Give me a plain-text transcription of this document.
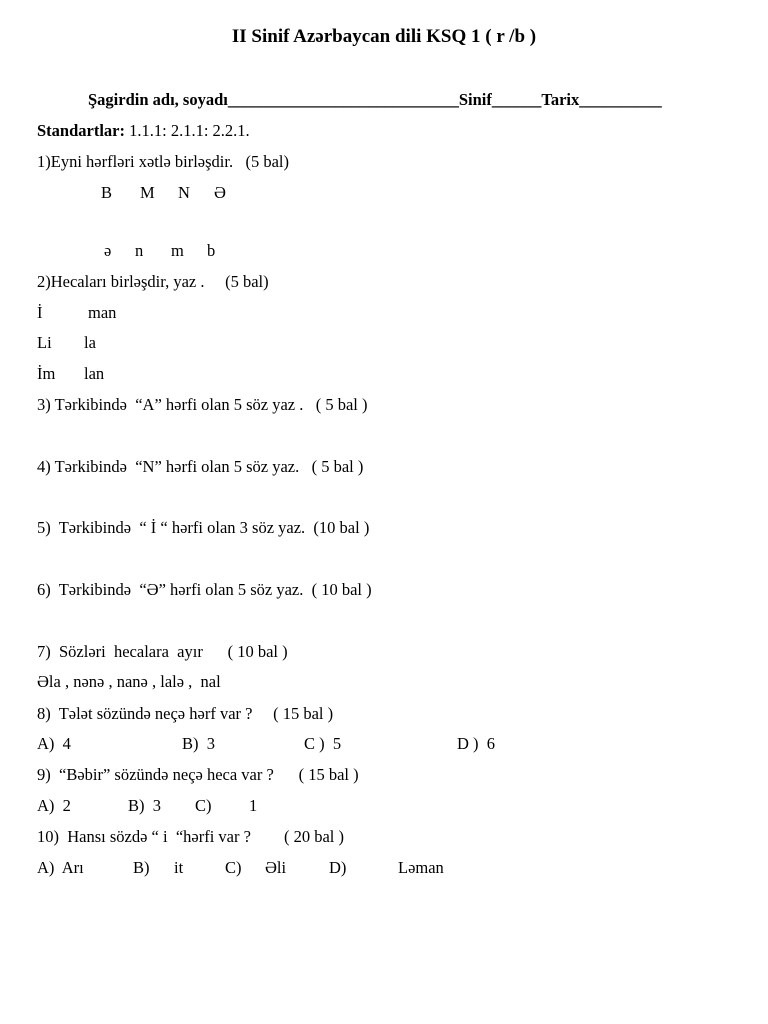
II Sinif Azərbaycan dili KSQ 1 ( r /b )
Şagirdin adı, soyadı____________________________Sinif______Tarix__________
Standartlar: 1.1.1: 2.1.1: 2.2.1.
1)Eyni hərfləri xətlə birləşdir.   (5 bal)
B M N Ə
ə n m b
2)Hecaları birləşdir, yaz .     (5 bal)
İ	man
Li la
İm lan
3) Tərkibində  “A” hərfi olan 5 söz yaz .   ( 5 bal )
4) Tərkibində  “N” hərfi olan 5 söz yaz.   ( 5 bal )
5)  Tərkibində  “ İ “ hərfi olan 3 söz yaz.  (10 bal )
6)  Tərkibində  “Ə” hərfi olan 5 söz yaz.  ( 10 bal )
7)  Sözləri  hecalara  ayır      ( 10 bal )
Əla , nənə , nanə , lalə ,  nal
8)  Tələt sözündə neçə hərf var ?     ( 15 bal )
A)  4	B)  3	C )  5	D )  6
9)  “Bəbir” sözündə neçə heca var ?      ( 15 bal )
A)  2	B)  3 C) 1
10)  Hansı sözdə “ i  “hərfi var ?        ( 20 bal )
A)  Arı	B) it	C) Əli	D)	Ləman
